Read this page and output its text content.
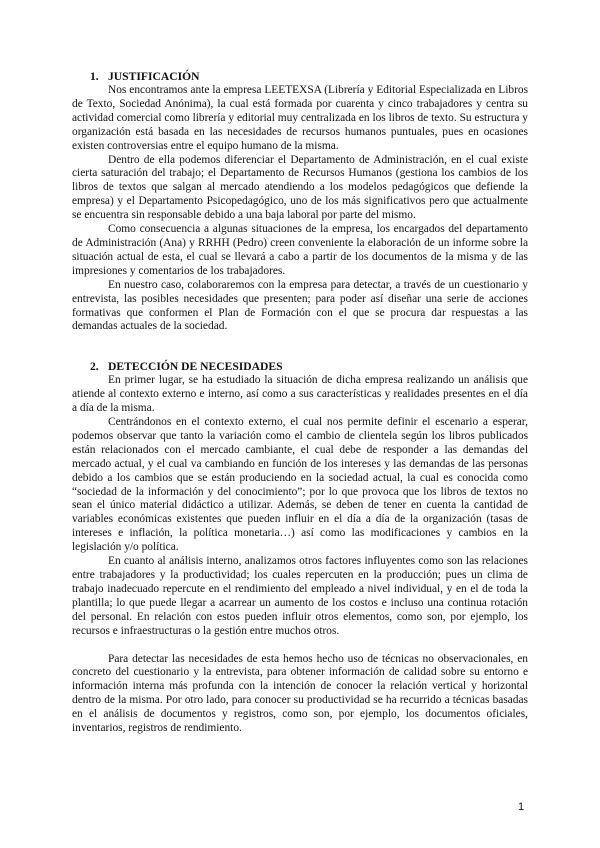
1. JUSTIFICACIÓN

Nos encontramos ante la empresa LEETEXSA (Librería y Editorial Especializada en Libros de Texto, Sociedad Anónima), la cual está formada por cuarenta y cinco trabajadores y centra su actividad comercial como librería y editorial muy centralizada en los libros de texto. Su estructura y organización está basada en las necesidades de recursos humanos puntuales, pues en ocasiones existen controversias entre el equipo humano de la misma.

Dentro de ella podemos diferenciar el Departamento de Administración, en el cual existe cierta saturación del trabajo; el Departamento de Recursos Humanos (gestiona los cambios de los libros de textos que salgan al mercado atendiendo a los modelos pedagógicos que defiende la empresa) y el Departamento Psicopedagógico, uno de los más significativos pero que actualmente se encuentra sin responsable debido a una baja laboral por parte del mismo.

Como consecuencia a algunas situaciones de la empresa, los encargados del departamento de Administración (Ana) y RRHH (Pedro) creen conveniente la elaboración de un informe sobre la situación actual de esta, el cual se llevará a cabo a partir de los documentos de la misma y de las impresiones y comentarios de los trabajadores.

En nuestro caso, colaboraremos con la empresa para detectar, a través de un cuestionario y entrevista, las posibles necesidades que presenten; para poder así diseñar una serie de acciones formativas que conformen el Plan de Formación con el que se procura dar respuestas a las demandas actuales de la sociedad.

2. DETECCIÓN DE NECESIDADES

En primer lugar, se ha estudiado la situación de dicha empresa realizando un análisis que atiende al contexto externo e interno, así como a sus características y realidades presentes en el día a día de la misma.

Centrándonos en el contexto externo, el cual nos permite definir el escenario a esperar, podemos observar que tanto la variación como el cambio de clientela según los libros publicados están relacionados con el mercado cambiante, el cual debe de responder a las demandas del mercado actual, y el cual va cambiando en función de los intereses y las demandas de las personas debido a los cambios que se están produciendo en la sociedad actual, la cual es conocida como “sociedad de la información y del conocimiento”; por lo que provoca que los libros de textos no sean el único material didáctico a utilizar. Además, se deben de tener en cuenta la cantidad de variables económicas existentes que pueden influir en el día a día de la organización (tasas de intereses e inflación, la política monetaria…) así como las modificaciones y cambios en la legislación y/o política.

En cuanto al análisis interno, analizamos otros factores influyentes como son las relaciones entre trabajadores y la productividad; los cuales repercuten en la producción; pues un clima de trabajo inadecuado repercute en el rendimiento del empleado a nivel individual, y en el de toda la plantilla; lo que puede llegar a acarrear un aumento de los costos e incluso una continua rotación del personal. En relación con estos pueden influir otros elementos, como son, por ejemplo, los recursos e infraestructuras o la gestión entre muchos otros.

Para detectar las necesidades de esta hemos hecho uso de técnicas no observacionales, en concreto del cuestionario y la entrevista, para obtener información de calidad sobre su entorno e información interna más profunda con la intención de conocer la relación vertical y horizontal dentro de la misma. Por otro lado, para conocer su productividad se ha recurrido a técnicas basadas en el análisis de documentos y registros, como son, por ejemplo, los documentos oficiales, inventarios, registros de rendimiento.

1
